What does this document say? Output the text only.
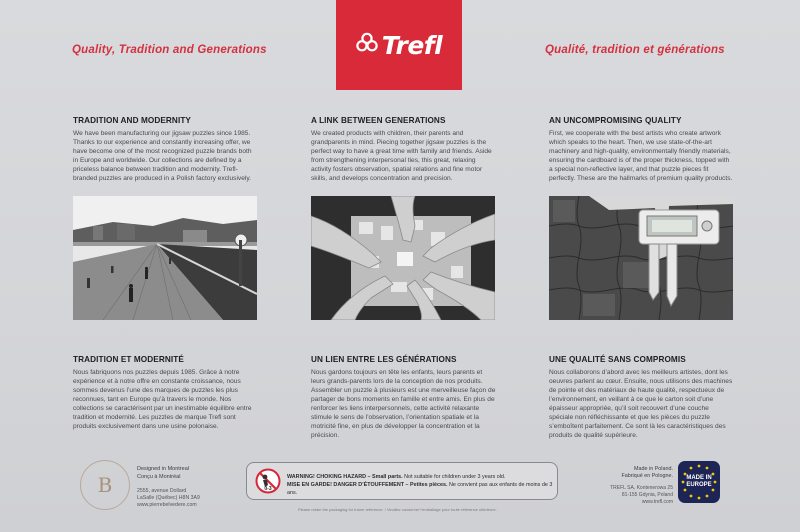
Trefl
Quality, Tradition and Generations	Qualité, tradition et générations
TRADITION AND MODERNITY

We have been manufacturing our jigsaw puzzles since 1985. Thanks to our experience and constantly increasing offer, we have become one of the most recognized puzzle brands both in Europe and worldwide. Our collections are defined by a priceless balance between tradition and modernity. Trefl-branded puzzles are produced in a Polish factory exclusively.

A LINK BETWEEN GENERATIONS

We created products with children, their parents and grandparents in mind. Piecing together jigsaw puzzles is the perfect way to have a great time with family and friends. Aside from strengthening interpersonal ties, this great, relaxing activity fosters observation, spatial relations and fine motor skills, and develops concentration and precision.

AN UNCOMPROMISING QUALITY

First, we cooperate with the best artists who create artwork which speaks to the heart. Then, we use state-of-the-art machinery and high-quality, environmentally friendly materials, ensuring the cardboard is of the proper thickness, topped with a special non-reflective layer, and that puzzle pieces fit perfectly. These are the hallmarks of premium quality products.

TRADITION ET MODERNITÉ

Nous fabriquons nos puzzles depuis 1985. Grâce à notre expérience et à notre offre en constante croissance, nous sommes devenus l’une des marques de puzzles les plus reconnues, tant en Europe qu’à travers le monde. Nos collections se caractérisent par un inestimable équilibre entre tradition et modernité. Les puzzles de marque Trefl sont produits exclusivement dans une usine polonaise.

UN LIEN ENTRE LES GÉNÉRATIONS

Nous gardons toujours en tête les enfants, leurs parents et leurs grands-parents lors de la conception de nos produits. Assembler un puzzle à plusieurs est une merveilleuse façon de partager de bons moments en famille et entre amis. En plus de renforcer les liens interpersonnels, cette activité relaxante stimule le sens de l’observation, l’orientation spatiale et la motricité fine, en plus de développer la concentration et la précision.

UNE QUALITÉ SANS COMPROMIS

Nous collaborons d’abord avec les meilleurs artistes, dont les oeuvres parlent au cœur. Ensuite, nous utilisons des machines de pointe et des matériaux de haute qualité, respectueux de l’environnement, en veillant à ce que le carton soit d’une épaisseur appropriée, qu’il soit recouvert d’une couche spéciale non réfléchissante et que les pièces du puzzle s’emboîtent parfaitement. Ce sont là les caractéristiques des produits de qualité supérieure.

B
Designed in Montreal
Conçu à Montréal
2555, avenue Dollard
LaSalle (Québec) H8N 3A9
www.pierrebelvedere.com
0-3
WARNING! CHOKING HAZARD – Small parts. Not suitable for children under 3 years old.
MISE EN GARDE! DANGER D’ÉTOUFFEMENT – Petites pièces. Ne convient pas aux enfants de moins de 3 ans.
Please retain the packaging for future reference. / Veuillez conserver l’emballage pour toute référence ultérieure.
Made in Poland.
Fabriqué en Pologne.
TREFL SA, Kontenerowa 25
81-155 Gdynia, Poland
www.trefl.com
MADE IN EUROPE
